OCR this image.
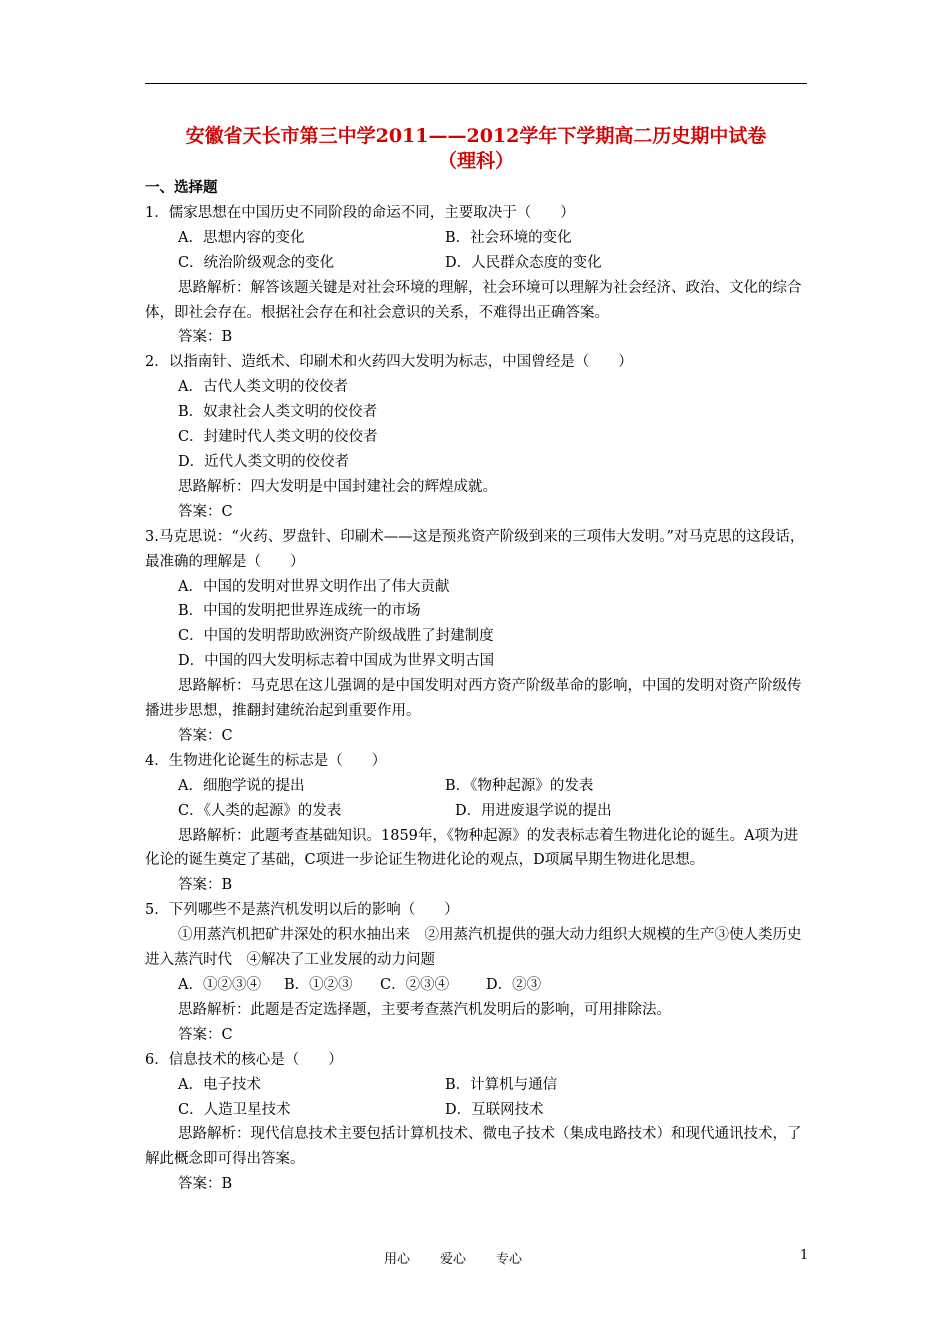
安徽省天长市第三中学2011——2012学年下学期高二历史期中试卷
（理科）
一、选择题
1．儒家思想在中国历史不同阶段的命运不同，主要取决于（　　）
A．思想内容的变化	B．社会环境的变化
C．统治阶级观念的变化	D．人民群众态度的变化
思路解析：解答该题关键是对社会环境的理解，社会环境可以理解为社会经济、政治、文化的综合体，即社会存在。根据社会存在和社会意识的关系，不难得出正确答案。
答案：B
2．以指南针、造纸术、印刷术和火药四大发明为标志，中国曾经是（　　）
A．古代人类文明的佼佼者
B．奴隶社会人类文明的佼佼者
C．封建时代人类文明的佼佼者
D．近代人类文明的佼佼者
思路解析：四大发明是中国封建社会的辉煌成就。
答案：C
3.马克思说：“火药、罗盘针、印刷术——这是预兆资产阶级到来的三项伟大发明。”对马克思的这段话，最准确的理解是（　　）
A．中国的发明对世界文明作出了伟大贡献
B．中国的发明把世界连成统一的市场
C．中国的发明帮助欧洲资产阶级战胜了封建制度
D．中国的四大发明标志着中国成为世界文明古国
思路解析：马克思在这儿强调的是中国发明对西方资产阶级革命的影响，中国的发明对资产阶级传播进步思想，推翻封建统治起到重要作用。
答案：C
4．生物进化论诞生的标志是（　　）
A．细胞学说的提出	B．《物种起源》的发表
C．《人类的起源》的发表	D．用进废退学说的提出
思路解析：此题考查基础知识。1859年，《物种起源》的发表标志着生物进化论的诞生。A项为进化论的诞生奠定了基础，C项进一步论证生物进化论的观点，D项属早期生物进化思想。
答案：B
5．下列哪些不是蒸汽机发明以后的影响（　　）
①用蒸汽机把矿井深处的积水抽出来　②用蒸汽机提供的强大动力组织大规模的生产③使人类历史进入蒸汽时代　④解决了工业发展的动力问题
A．①②③④ B．①②③ C．②③④	D．②③
思路解析：此题是否定选择题，主要考查蒸汽机发明后的影响，可用排除法。
答案：C
6．信息技术的核心是（　　）
A．电子技术	B．计算机与通信
C．人造卫星技术	D．互联网技术
思路解析：现代信息技术主要包括计算机技术、微电子技术（集成电路技术）和现代通讯技术，了解此概念即可得出答案。
答案：B
用心 爱心 专心	1
